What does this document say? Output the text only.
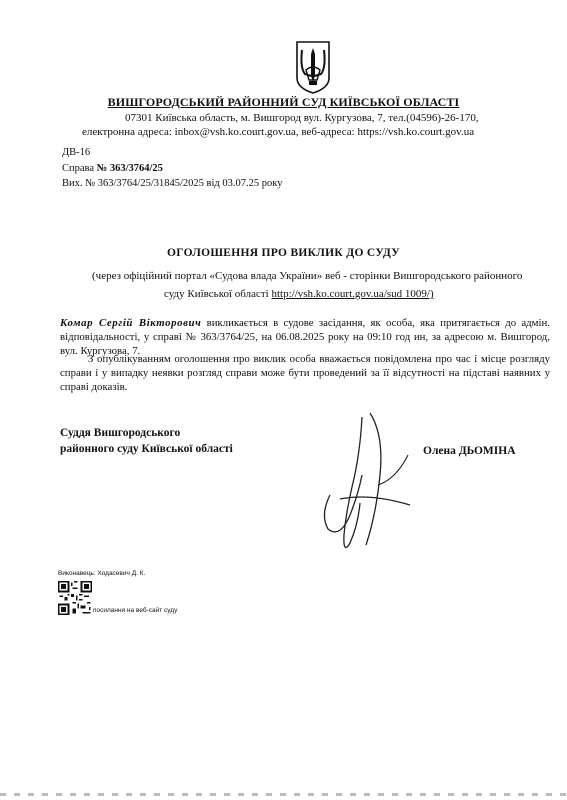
ВИШГОРОДСЬКИЙ РАЙОННИЙ СУД КИЇВСЬКОЇ ОБЛАСТІ
07301 Київська область, м. Вишгород вул. Кургузова, 7, тел.(04596)-26-170,
електронна адреса: inbox@vsh.ko.court.gov.ua, веб-адреса: https://vsh.ko.court.gov.ua
ДВ-16
Справа № 363/3764/25
Вих. № 363/3764/25/31845/2025 від 03.07.25 року
ОГОЛОШЕННЯ ПРО ВИКЛИК ДО СУДУ
(через офіційний портал «Судова влада України» веб - сторінки Вишгородського районного
суду Київської області http://vsh.ko.court.gov.ua/sud 1009/)
Комар Сергій Вікторович викликається в судове засідання, як особа, яка притягається до адмін. відповідальності, у справі № 363/3764/25, на 06.08.2025 року на 09:10 год ин, за адресою м. Вишгород, вул. Кургузова, 7.
З опублікуванням оголошення про виклик особа вважається повідомлена про час і місце розгляду справи і у випадку неявки розгляд справи може бути проведений за її відсутності на підставі наявних у справі доказів.
Суддя Вишгородського
районного суду Київської області	Олена ДЬОМІНА
Виконавець: Ходасевич Д. К.
посилання на веб-сайт суду
